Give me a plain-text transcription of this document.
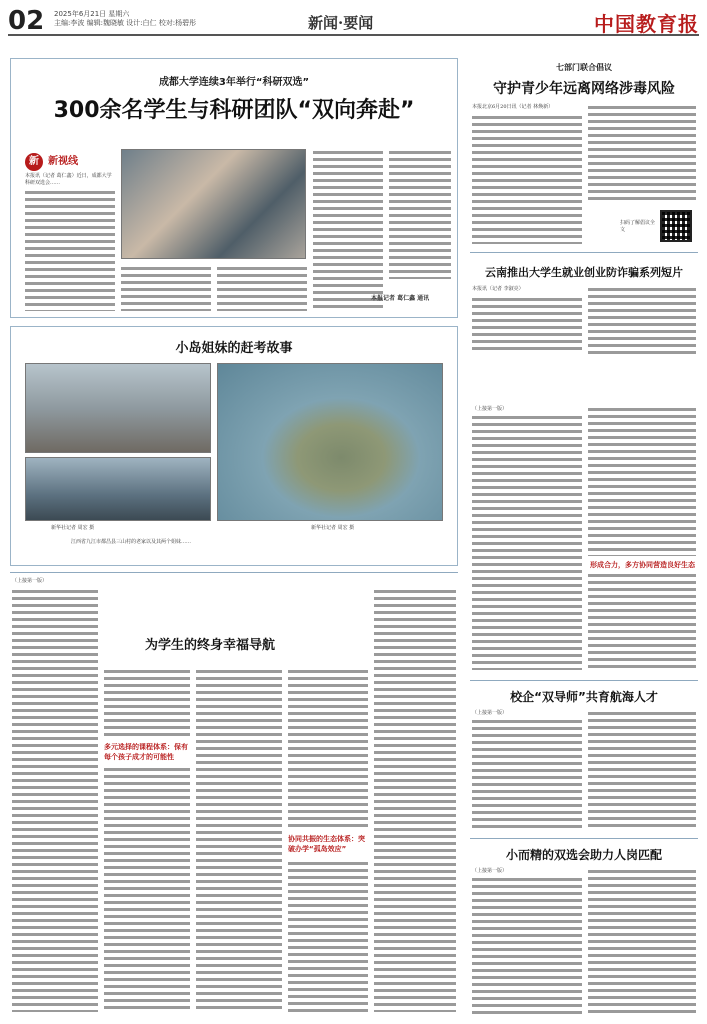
02 2025年6月21日 星期六
主编:李波 编辑:魏晓敏 设计:白仁 校对:杨碧彤	新闻·要闻	中国教育报
成都大学连续3年举行“科研双选”
300余名学生与科研团队“双向奔赴”
新 新视线
本报讯（记者 葛仁鑫）近日，成都大学科研双选会……
本报记者 葛仁鑫 通讯
七部门联合倡议
守护青少年远离网络涉毒风险
本报北京6月20日讯（记者 林焕新）
扫码了解倡议全文
云南推出大学生就业创业防诈骗系列短片
本报讯（记者 李淑亮）
小岛姐妹的赶考故事
新华社记者 周宏 摄	新华社记者 周宏 摄
江西省九江市都昌县三山村的老家以及其两个姐妹……
（上接第一版）
形成合力，多方协同营造良好生态
（上接第一版）
为学生的终身幸福导航
多元选择的课程体系：保有每个孩子成才的可能性
协同共振的生态体系：突破办学“孤岛效应”
校企“双导师”共育航海人才
（上接第一版）
小而精的双选会助力人岗匹配
（上接第一版）
